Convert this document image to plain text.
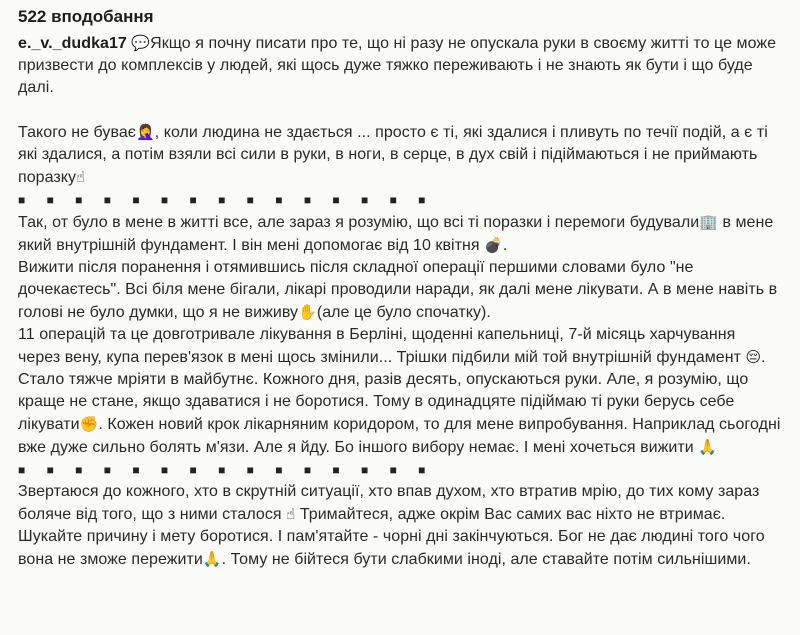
522 вподобання

e._v._dudka17 💬Якщо я почну писати про те, що ні разу не опускала руки в своєму житті то це може призвести до комплексів у людей, які щось дуже тяжко переживають і не знають як бути і що буде далі.

Такого не буває🤦‍♀️, коли людина не здається ... просто є ті, які здалися і пливуть по течії подій, а є ті які здалися, а потім взяли всі сили в руки, в ноги, в серце, в дух свій і підіймаються і не приймають поразку☝

■ ■ ■ ■ ■ ■ ■ ■ ■ ■ ■ ■ ■ ■ ■

Так, от було в мене в житті все, але зараз я розумію, що всі ті поразки і перемоги будували🏢 в мене який внутрішній фундамент. І він мені допомогає від 10 квітня 💣.

Вижити після поранення і отямившись після складної операції першими словами було "не дочекаєтесь". Всі біля мене бігали, лікарі проводили наради, як далі мене лікувати. А в мене навіть в голові не було думки, що я не виживу✋(але це було спочатку).

11 операцій та це довготривале лікування в Берліні, щоденні капельниці, 7-й місяць харчування через вену, купа перев'язок в мені щось змінили... Трішки підбили мій той внутрішній фундамент 😔. Стало тяжче мріяти в майбутнє. Кожного дня, разів десять, опускаються руки. Але, я розумію, що краще не стане, якщо здаватися і не боротися. Тому в одинадцяте підіймаю ті руки берусь себе лікувати✊. Кожен новий крок лікарняним коридором, то для мене випробування. Наприклад сьогодні вже дуже сильно болять м'язи. Але я йду. Бо іншого вибору немає. І мені хочеться вижити 🙏

■ ■ ■ ■ ■ ■ ■ ■ ■ ■ ■ ■ ■ ■ ■

Звертаюся до кожного, хто в скрутній ситуації, хто впав духом, хто втратив мрію, до тих кому зараз боляче від того, що з ними сталося ☝ Тримайтеся, адже окрім Вас самих вас ніхто не втримає. Шукайте причину і мету боротися. І пам'ятайте - чорні дні закінчуються. Бог не дає людині того чого вона не зможе пережити🙏. Тому не бійтеся бути слабкими іноді, але ставайте потім сильнішими.
